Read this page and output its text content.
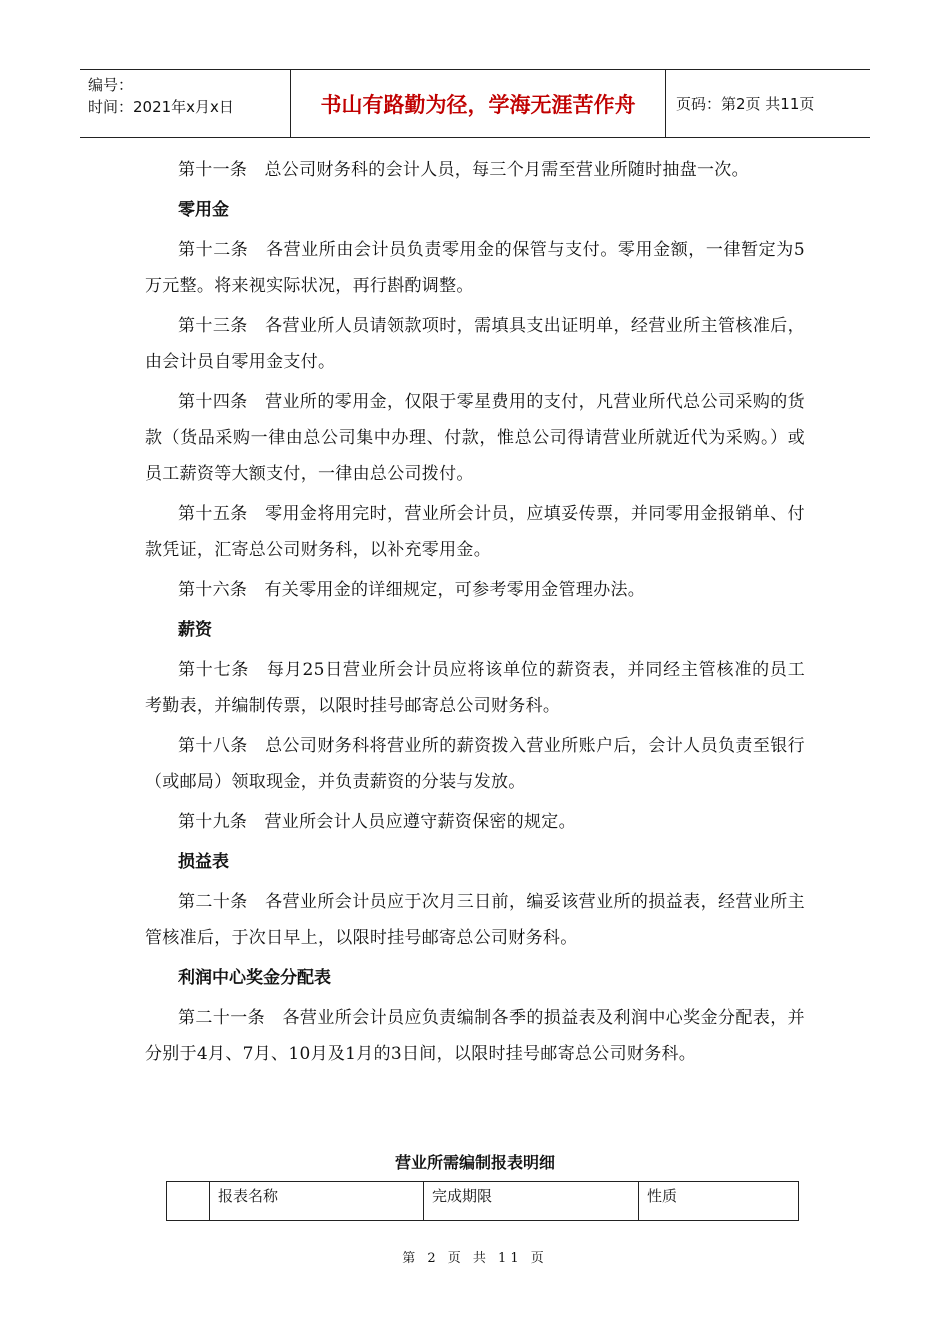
编号：
时间：2021年x月x日	书山有路勤为径，学海无涯苦作舟	页码：第2页 共11页

第十一条　总公司财务科的会计人员，每三个月需至营业所随时抽盘一次。

零用金

第十二条　各营业所由会计员负责零用金的保管与支付。零用金额，一律暂定为5万元整。将来视实际状况，再行斟酌调整。

第十三条　各营业所人员请领款项时，需填具支出证明单，经营业所主管核准后，由会计员自零用金支付。

第十四条　营业所的零用金，仅限于零星费用的支付，凡营业所代总公司采购的货款（货品采购一律由总公司集中办理、付款，惟总公司得请营业所就近代为采购。）或员工薪资等大额支付，一律由总公司拨付。

第十五条　零用金将用完时，营业所会计员，应填妥传票，并同零用金报销单、付款凭证，汇寄总公司财务科，以补充零用金。

第十六条　有关零用金的详细规定，可参考零用金管理办法。

薪资

第十七条　每月25日营业所会计员应将该单位的薪资表，并同经主管核准的员工考勤表，并编制传票，以限时挂号邮寄总公司财务科。

第十八条　总公司财务科将营业所的薪资拨入营业所账户后，会计人员负责至银行（或邮局）领取现金，并负责薪资的分装与发放。

第十九条　营业所会计人员应遵守薪资保密的规定。

损益表

第二十条　各营业所会计员应于次月三日前，编妥该营业所的损益表，经营业所主管核准后，于次日早上，以限时挂号邮寄总公司财务科。

利润中心奖金分配表

第二十一条　各营业所会计员应负责编制各季的损益表及利润中心奖金分配表，并分别于4月、7月、10月及1月的3日间，以限时挂号邮寄总公司财务科。

营业所需编制报表明细
	报表名称	完成期限	性质
第 2 页 共 11 页
